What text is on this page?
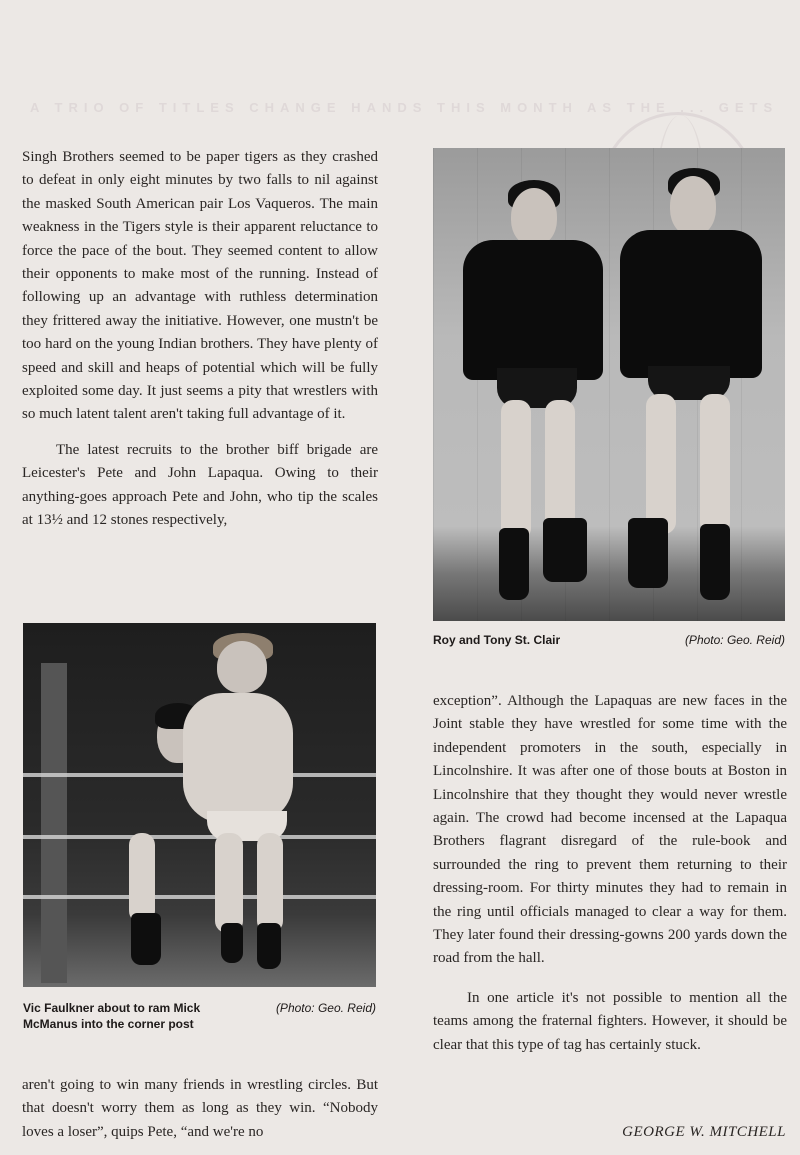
A TRIO OF TITLES CHANGE HANDS THIS MONTH AS THE ... GETS

Singh Brothers seemed to be paper tigers as they crashed to defeat in only eight minutes by two falls to nil against the masked South American pair Los Vaqueros. The main weakness in the Tigers style is their apparent reluctance to force the pace of the bout. They seemed content to allow their opponents to make most of the running. Instead of following up an advantage with ruthless determination they frittered away the initiative. However, one mustn't be too hard on the young Indian brothers. They have plenty of speed and skill and heaps of potential which will be fully exploited some day. It just seems a pity that wrestlers with so much latent talent aren't taking full advantage of it.

The latest recruits to the brother biff brigade are Leicester's Pete and John Lapaqua. Owing to their anything-goes approach Pete and John, who tip the scales at 13½ and 12 stones respectively,

Roy and Tony St. Clair	(Photo: Geo. Reid)
Vic Faulkner about to ram Mick McManus into the corner post
(Photo: Geo. Reid)

exception”. Although the Lapaquas are new faces in the Joint stable they have wrestled for some time with the independent promoters in the south, especially in Lincolnshire. It was after one of those bouts at Boston in Lincolnshire that they thought they would never wrestle again. The crowd had become incensed at the Lapaqua Brothers flagrant disregard of the rule-book and surrounded the ring to prevent them returning to their dressing-room. For thirty minutes they had to remain in the ring until officials managed to clear a way for them. They later found their dressing-gowns 200 yards down the road from the hall.

In one article it's not possible to mention all the teams among the fraternal fighters. However, it should be clear that this type of tag has certainly stuck.

aren't going to win many friends in wrestling circles. But that doesn't worry them as long as they win. “Nobody loves a loser”, quips Pete, “and we're no	GEORGE W. MITCHELL
